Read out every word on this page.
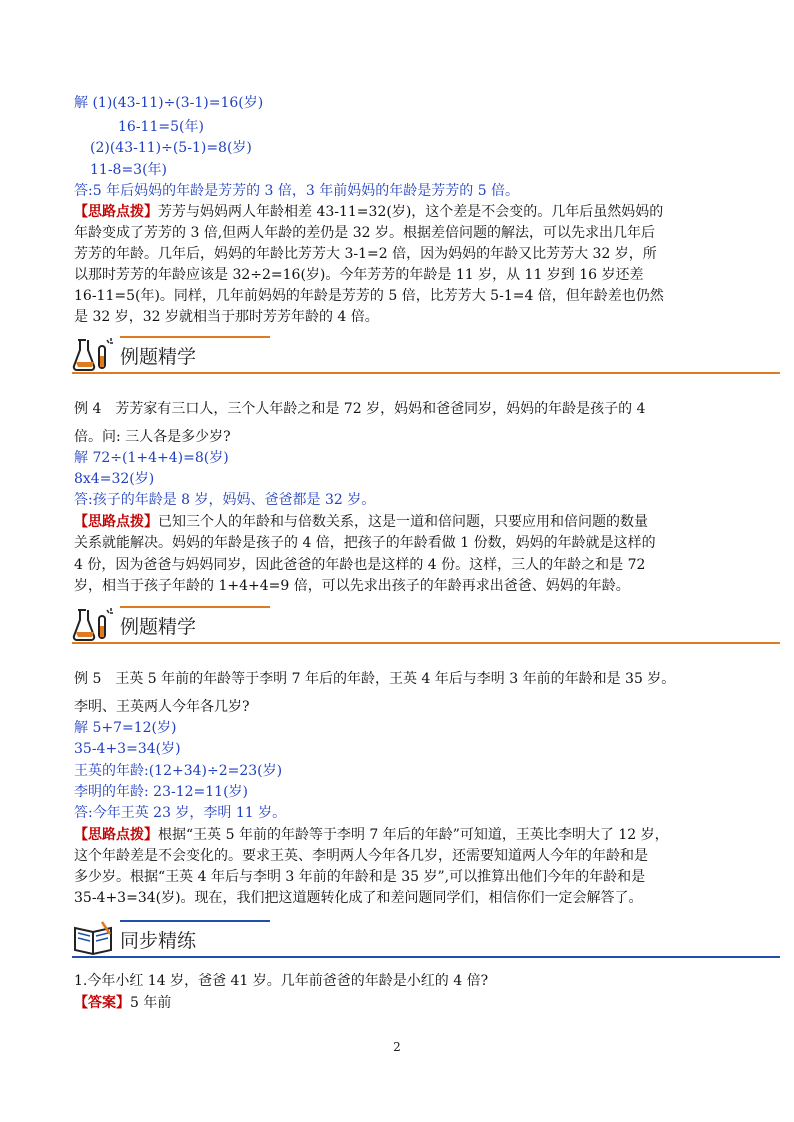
解 (1)(43-11)÷(3-1)=16(岁)
16-11=5(年)
(2)(43-11)÷(5-1)=8(岁)
11-8=3(年)
答:5 年后妈妈的年龄是芳芳的 3 倍，3 年前妈妈的年龄是芳芳的 5 倍。
【思路点拨】芳芳与妈妈两人年龄相差 43-11=32(岁)，这个差是不会变的。几年后虽然妈妈的
年龄变成了芳芳的 3 倍,但两人年龄的差仍是 32 岁。根据差倍问题的解法，可以先求出几年后
芳芳的年龄。几年后，妈妈的年龄比芳芳大 3-1=2 倍，因为妈妈的年龄又比芳芳大 32 岁，所
以那时芳芳的年龄应该是 32÷2=16(岁)。今年芳芳的年龄是 11 岁，从 11 岁到 16 岁还差
16-11=5(年)。同样，几年前妈妈的年龄是芳芳的 5 倍，比芳芳大 5-1=4 倍，但年龄差也仍然
是 32 岁，32 岁就相当于那时芳芳年龄的 4 倍。
例题精学
例 4　芳芳家有三口人，三个人年龄之和是 72 岁，妈妈和爸爸同岁，妈妈的年龄是孩子的 4
倍。问: 三人各是多少岁?
解 72÷(1+4+4)=8(岁)
8x4=32(岁)
答:孩子的年龄是 8 岁，妈妈、爸爸都是 32 岁。
【思路点拨】已知三个人的年龄和与倍数关系，这是一道和倍问题，只要应用和倍问题的数量
关系就能解决。妈妈的年龄是孩子的 4 倍，把孩子的年龄看做 1 份数，妈妈的年龄就是这样的
4 份，因为爸爸与妈妈同岁，因此爸爸的年龄也是这样的 4 份。这样，三人的年龄之和是 72
岁，相当于孩子年龄的 1+4+4=9 倍，可以先求出孩子的年龄再求出爸爸、妈妈的年龄。
例题精学
例 5　王英 5 年前的年龄等于李明 7 年后的年龄，王英 4 年后与李明 3 年前的年龄和是 35 岁。
李明、王英两人今年各几岁?
解 5+7=12(岁)
35-4+3=34(岁)
王英的年龄:(12+34)÷2=23(岁)
李明的年龄: 23-12=11(岁)
答:今年王英 23 岁，李明 11 岁。
【思路点拨】根据“王英 5 年前的年龄等于李明 7 年后的年龄”可知道，王英比李明大了 12 岁，
这个年龄差是不会变化的。要求王英、李明两人今年各几岁，还需要知道两人今年的年龄和是
多少岁。根据“王英 4 年后与李明 3 年前的年龄和是 35 岁”,可以推算出他们今年的年龄和是
35-4+3=34(岁)。现在，我们把这道题转化成了和差问题同学们，相信你们一定会解答了。
同步精练
1.今年小红 14 岁，爸爸 41 岁。几年前爸爸的年龄是小红的 4 倍?
【答案】5 年前
2
